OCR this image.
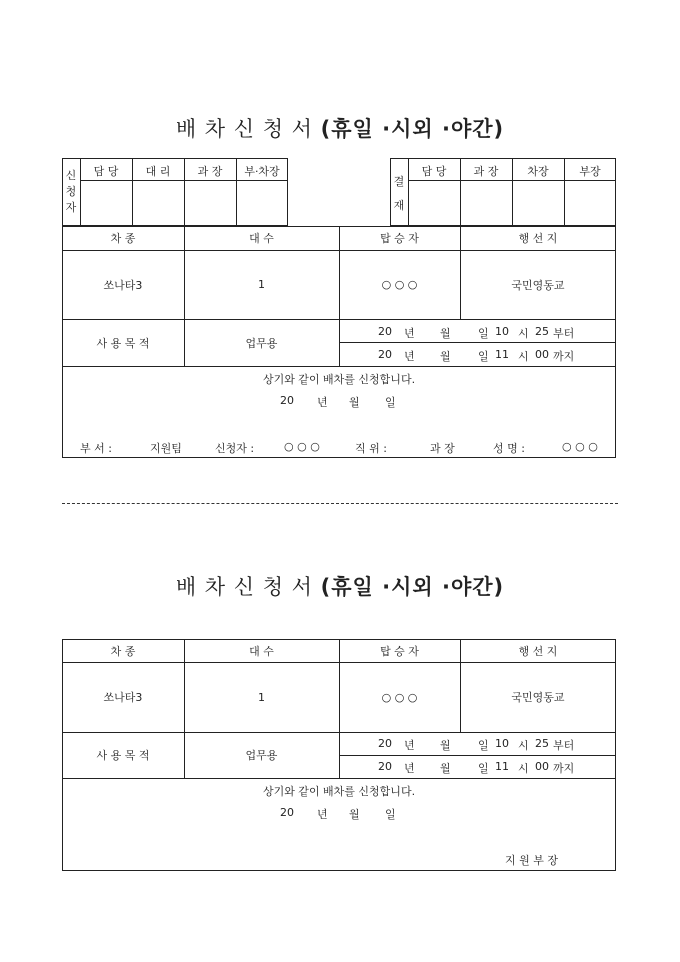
배 차 신 청 서 (휴일 ·시외 ·야간)
신 청 자
담 당	대 리	과 장	부·차장
결 재
담 당	과 장	차장	부장
차 종	대 수	탑 승 자	행 선 지
쏘나타3	1	○ ○ ○	국민영동교
사 용 목 적	업무용
20 년 월 일 10 시 25 부터
20 년 월 일 11 시 00 까지
상기와 같이 배차를 신청합니다.
20 년 월 일
부 서 :	지원팀	신청자 :	○ ○ ○	직 위 :	과 장	성 명 :	○ ○ ○
배 차 신 청 서 (휴일 ·시외 ·야간)
차 종	대 수	탑 승 자	행 선 지
쏘나타3	1	○ ○ ○	국민영동교
사 용 목 적	업무용
20 년 월 일 10 시 25 부터
20 년 월 일 11 시 00 까지
상기와 같이 배차를 신청합니다.
20 년 월 일
지 원 부 장
